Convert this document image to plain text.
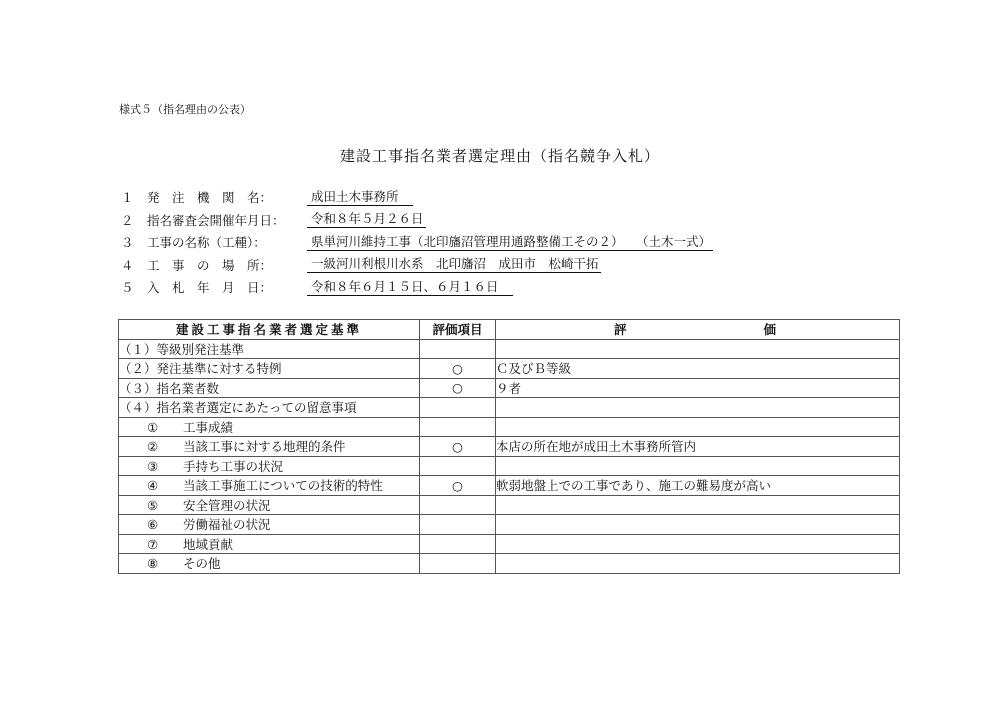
様式５（指名理由の公表）
建設工事指名業者選定理由（指名競争入札）
１	発　注　機　関　名：	成田土木事務所　
２	指名審査会開催年月日：	令和８年５月２６日
３	工事の名称（工種）：	県単河川維持工事（北印旛沼管理用通路整備工その２）　　（土木一式）
４	工　事　の　場　所：	一級河川利根川水系　北印旛沼　成田市　松崎干拓
５	入　札　年　月　日：	令和８年６月１５日、６月１６日　
建設工事指名業者選定基準	評価項目	評 価

（１）等級別発注基準		
（２）発注基準に対する特例	○	Ｃ及びＢ等級
（３）指名業者数	○	９者
（４）指名業者選定にあたっての留意事項		
① 工事成績		
② 当該工事に対する地理的条件	○	本店の所在地が成田土木事務所管内
③ 手持ち工事の状況		
④ 当該工事施工についての技術的特性	○	軟弱地盤上での工事であり、施工の難易度が高い
⑤ 安全管理の状況		
⑥ 労働福祉の状況		
⑦ 地域貢献		
⑧ その他		
